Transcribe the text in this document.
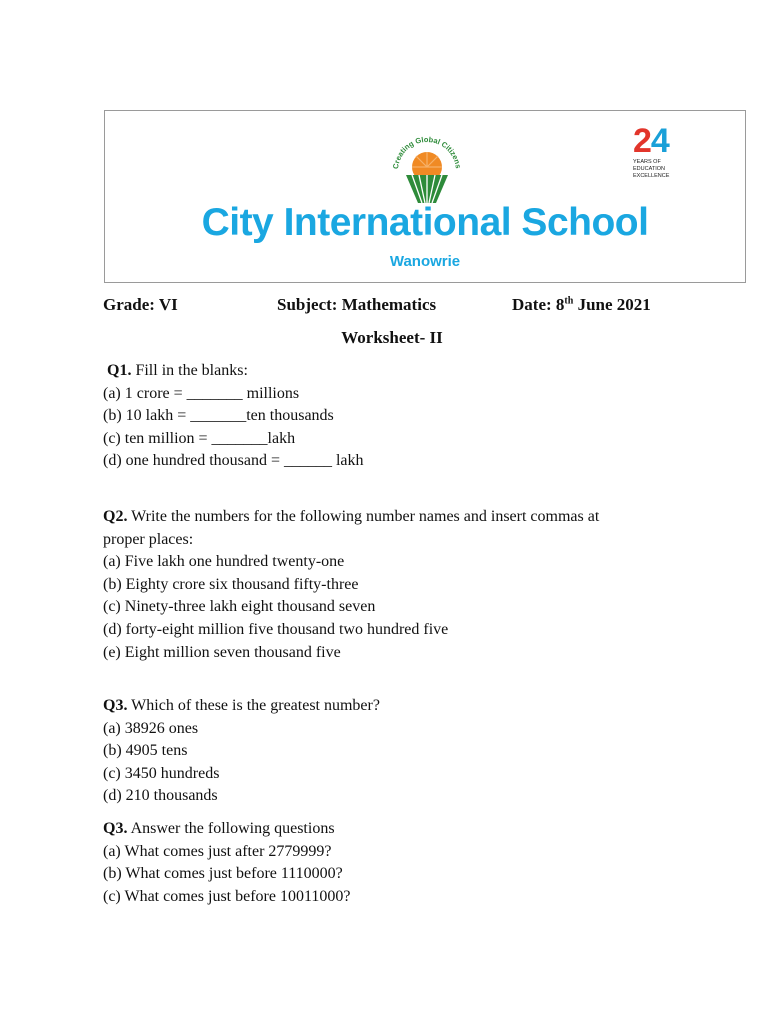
Creating Global Citizens
24
YEARS OF
EDUCATION
EXCELLENCE
City International School
Wanowrie
Grade: VI	Subject: Mathematics	Date: 8th June 2021
Worksheet- II
Q1. Fill in the blanks:
(a) 1 crore = _______ millions
(b) 10 lakh = _______ten thousands
(c) ten million = _______lakh
(d) one hundred thousand = ______ lakh
Q2. Write the numbers for the following number names and insert commas at
proper places:
(a) Five lakh one hundred twenty-one
(b) Eighty crore six thousand fifty-three
(c) Ninety-three lakh eight thousand seven
(d) forty-eight million five thousand two hundred five
(e) Eight million seven thousand five
Q3. Which of these is the greatest number?
(a) 38926 ones
(b) 4905 tens
(c) 3450 hundreds
(d) 210 thousands
Q3. Answer the following questions
(a) What comes just after 2779999?
(b) What comes just before 1110000?
(c) What comes just before 10011000?
